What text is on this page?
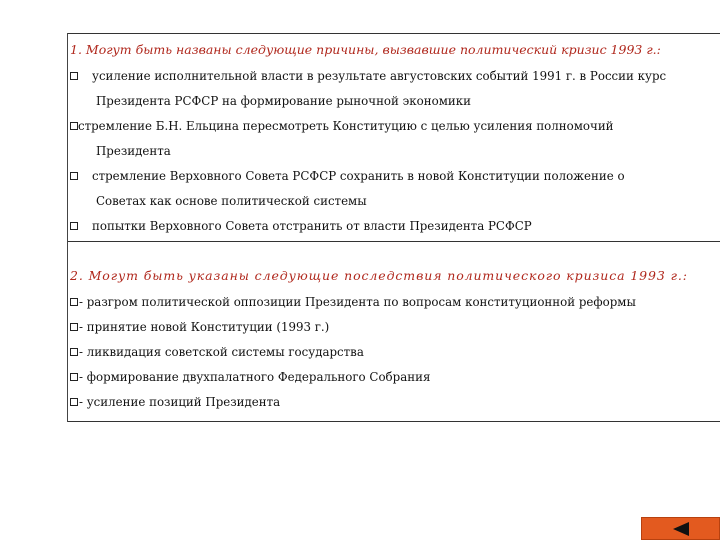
1. Могут быть названы следующие причины, вызвавшие политический кризис 1993 г.:
усиление исполнительной власти в результате августовских событий 1991 г. в России курс
Президента РСФСР на формирование рыночной экономики
стремление Б.Н. Ельцина пересмотреть Конституцию с целью усиления полномочий
Президента
стремление Верховного Совета РСФСР сохранить в новой Конституции положение о
Советах как основе политической системы
попытки Верховного Совета отстранить от власти Президента РСФСР
2. Могут быть указаны следующие последствия политического кризиса 1993 г.:
- разгром политической оппозиции Президента по вопросам конституционной реформы
- принятие новой Конституции (1993 г.)
- ликвидация советской системы государства
- формирование двухпалатного Федерального Собрания
- усиление позиций Президента
